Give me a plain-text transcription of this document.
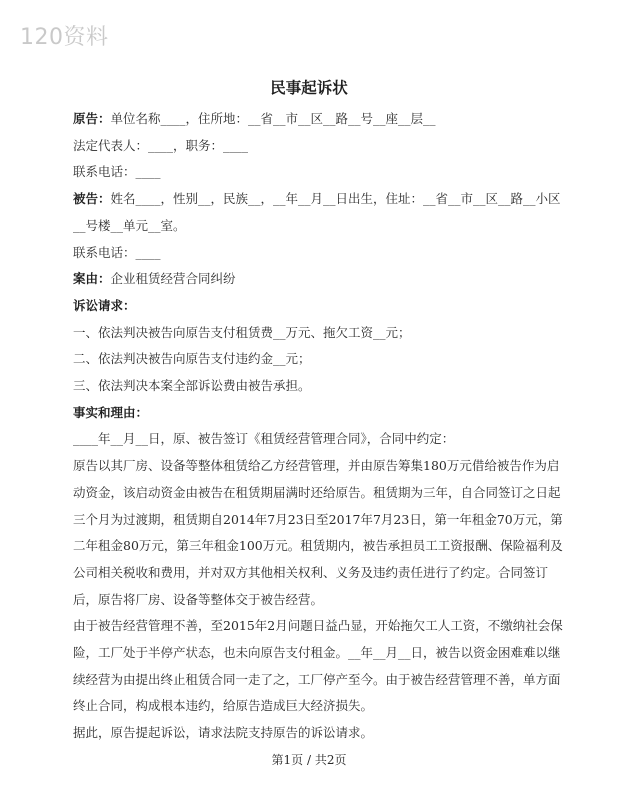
120资料
民事起诉状

原告：单位名称____，住所地：__省__市__区__路__号__座__层__

法定代表人：____，职务：____

联系电话：____

被告：姓名____，性别__，民族__，__年__月__日出生，住址：__省__市__区__路__小区__号楼__单元__室。

联系电话：____

案由：企业租赁经营合同纠纷

诉讼请求：

一、依法判决被告向原告支付租赁费__万元、拖欠工资__元；

二、依法判决被告向原告支付违约金__元；

三、依法判决本案全部诉讼费由被告承担。

事实和理由：

____年__月__日，原、被告签订《租赁经营管理合同》，合同中约定：

原告以其厂房、设备等整体租赁给乙方经营管理，并由原告筹集180万元借给被告作为启动资金，该启动资金由被告在租赁期届满时还给原告。租赁期为三年，自合同签订之日起三个月为过渡期，租赁期自2014年7月23日至2017年7月23日，第一年租金70万元，第二年租金80万元，第三年租金100万元。租赁期内，被告承担员工工资报酬、保险福利及公司相关税收和费用，并对双方其他相关权利、义务及违约责任进行了约定。合同签订后，原告将厂房、设备等整体交于被告经营。

由于被告经营管理不善，至2015年2月问题日益凸显，开始拖欠工人工资，不缴纳社会保险，工厂处于半停产状态，也未向原告支付租金。__年__月__日，被告以资金困难难以继续经营为由提出终止租赁合同一走了之，工厂停产至今。由于被告经营管理不善，单方面终止合同，构成根本违约，给原告造成巨大经济损失。

据此，原告提起诉讼，请求法院支持原告的诉讼请求。

第1页 / 共2页
